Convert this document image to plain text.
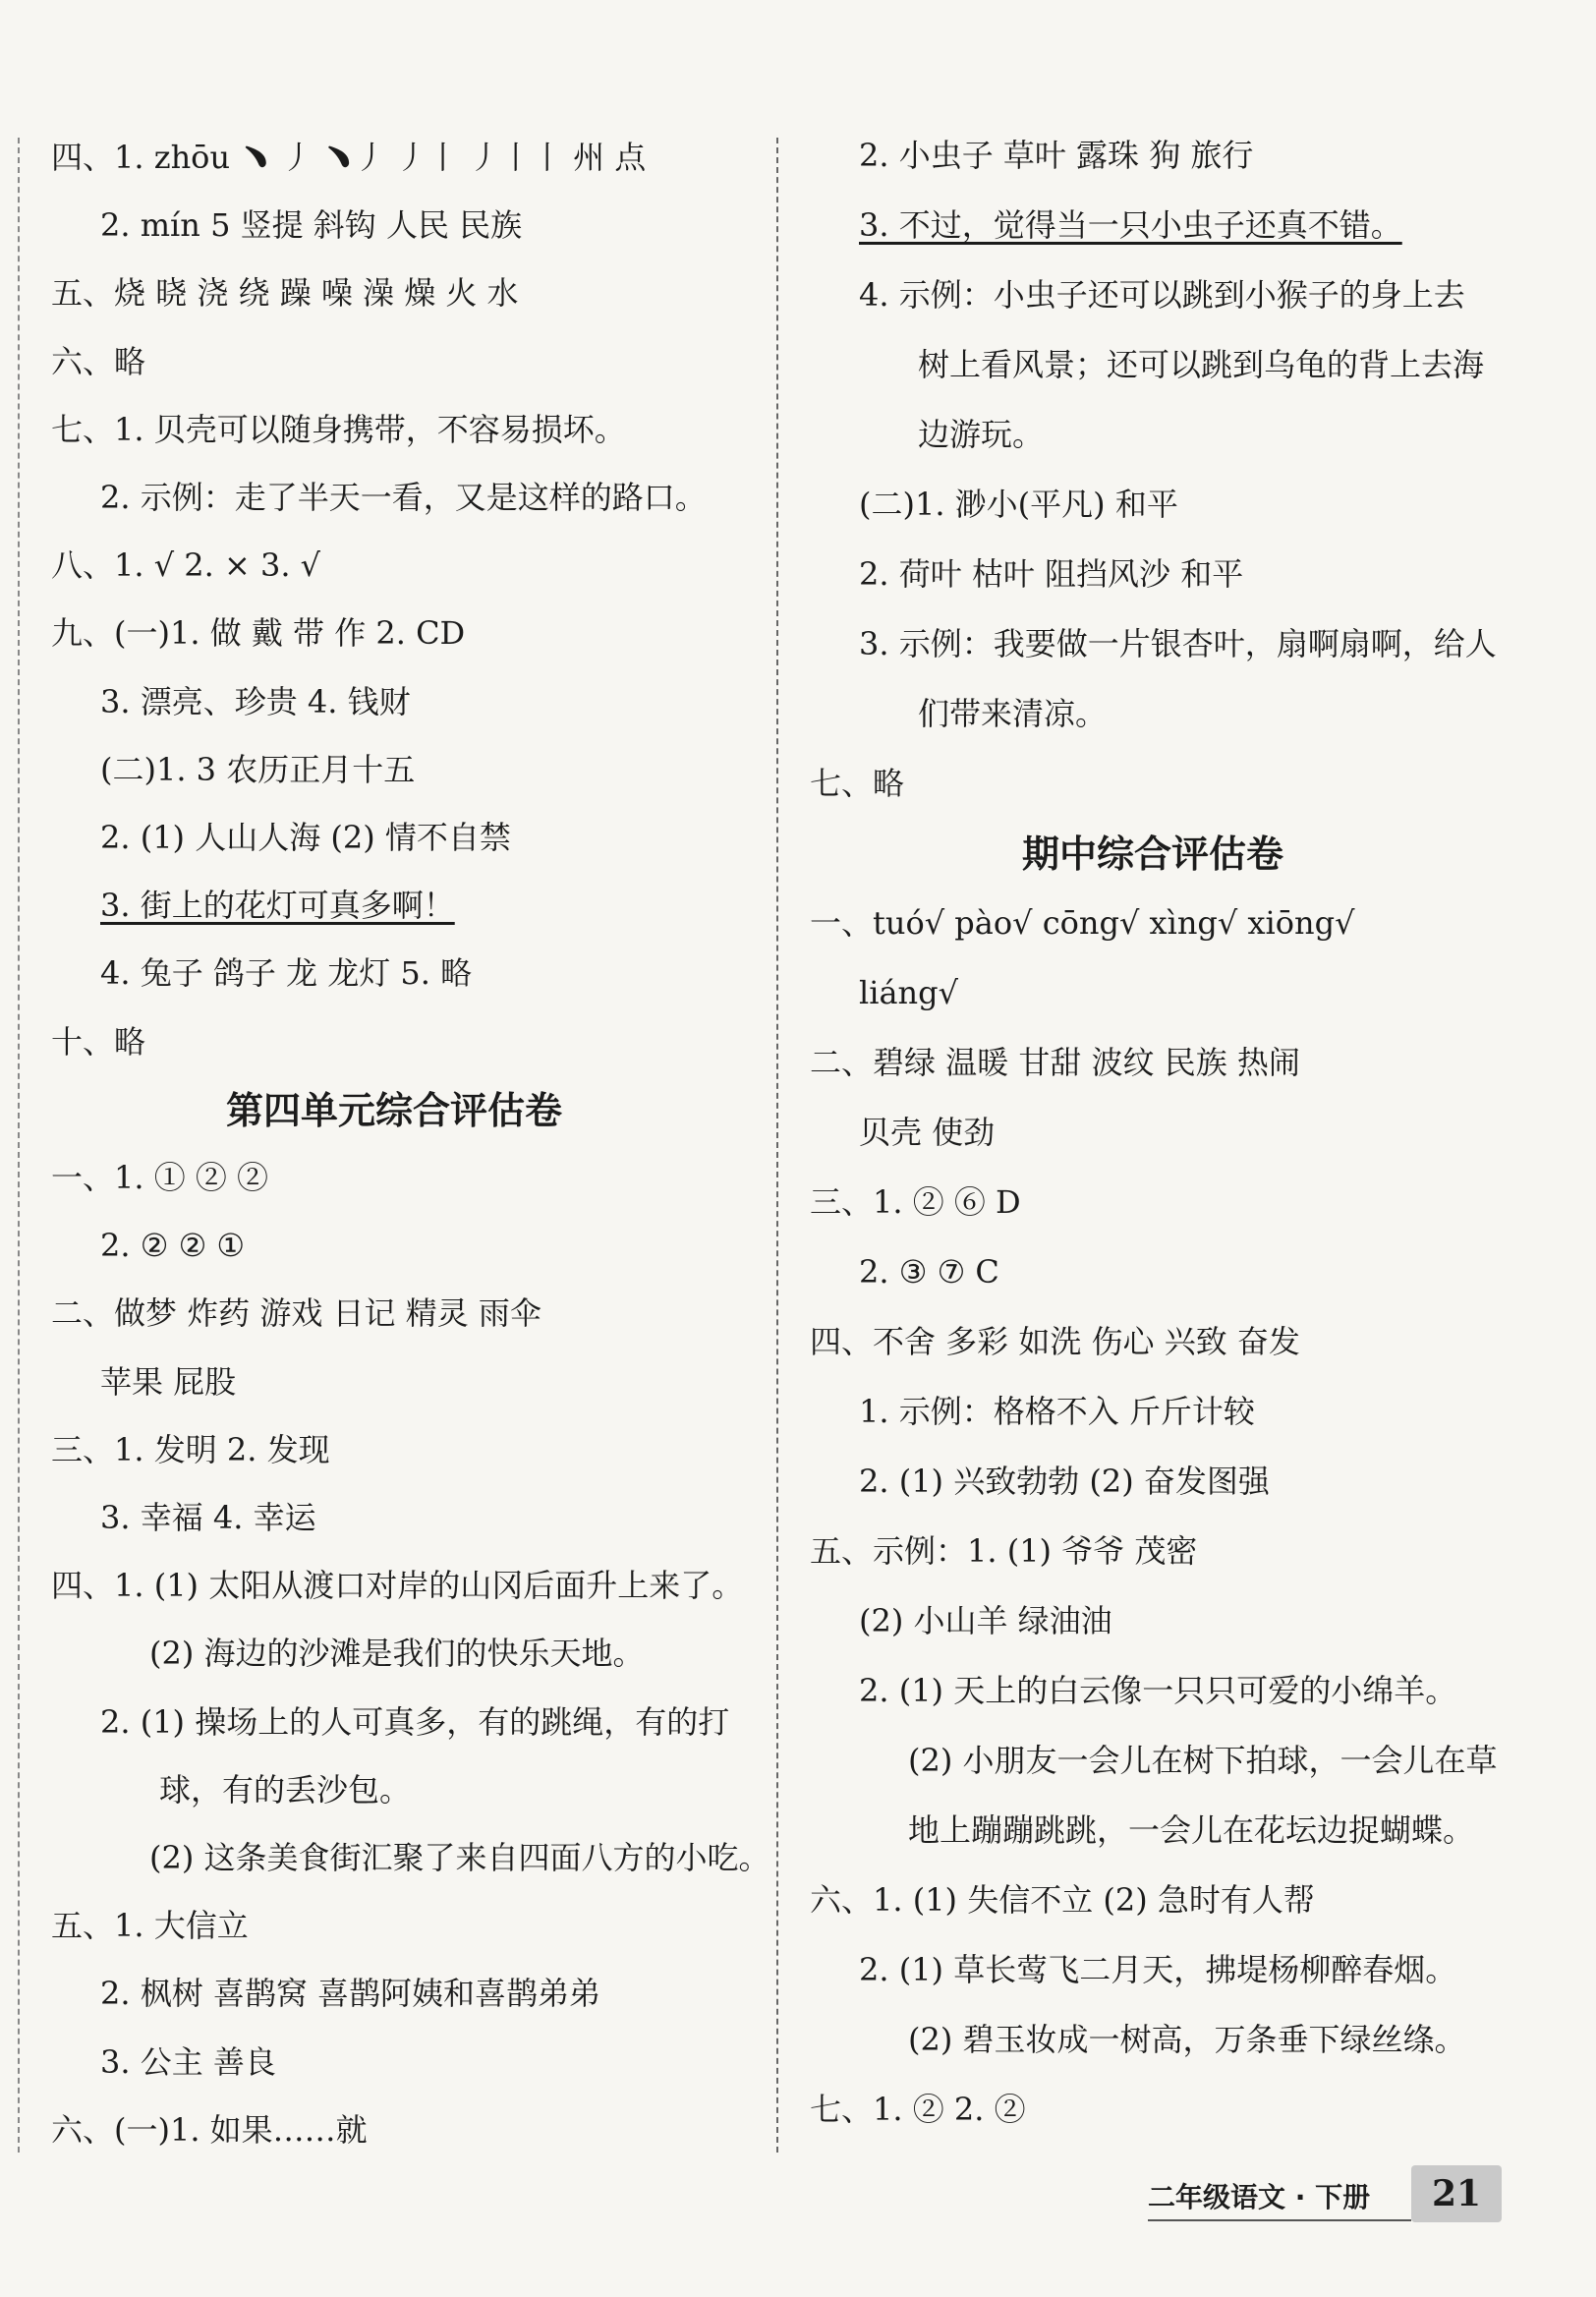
四、1. zhōu ﹅ 丿 ﹅丿 丿丨 丿丨丨 州 点
2. mín 5 竖提 斜钩 人民 民族
五、烧 晓 浇 绕 躁 噪 澡 燥 火 水
六、略
七、1. 贝壳可以随身携带，不容易损坏。
2. 示例：走了半天一看，又是这样的路口。
八、1. √ 2. × 3. √
九、(一)1. 做 戴 带 作 2. CD
3. 漂亮、珍贵 4. 钱财
(二)1. 3 农历正月十五
2. (1) 人山人海 (2) 情不自禁
3. 街上的花灯可真多啊！
4. 兔子 鸽子 龙 龙灯 5. 略
十、略
第四单元综合评估卷
一、1. ① ② ②
2. ② ② ①
二、做梦 炸药 游戏 日记 精灵 雨伞
苹果 屁股
三、1. 发明 2. 发现
3. 幸福 4. 幸运
四、1. (1) 太阳从渡口对岸的山冈后面升上来了。
(2) 海边的沙滩是我们的快乐天地。
2. (1) 操场上的人可真多，有的跳绳，有的打
球，有的丢沙包。
(2) 这条美食街汇聚了来自四面八方的小吃。
五、1. 大信立
2. 枫树 喜鹊窝 喜鹊阿姨和喜鹊弟弟
3. 公主 善良
六、(一)1. 如果……就
2. 小虫子 草叶 露珠 狗 旅行
3. 不过，觉得当一只小虫子还真不错。
4. 示例：小虫子还可以跳到小猴子的身上去
树上看风景；还可以跳到乌龟的背上去海
边游玩。
(二)1. 渺小(平凡) 和平
2. 荷叶 枯叶 阻挡风沙 和平
3. 示例：我要做一片银杏叶，扇啊扇啊，给人
们带来清凉。
七、略
期中综合评估卷
一、tuó√ pào√ cōng√ xìng√ xiōng√
liáng√
二、碧绿 温暖 甘甜 波纹 民族 热闹
贝壳 使劲
三、1. ② ⑥ D
2. ③ ⑦ C
四、不舍 多彩 如洗 伤心 兴致 奋发
1. 示例：格格不入 斤斤计较
2. (1) 兴致勃勃 (2) 奋发图强
五、示例：1. (1) 爷爷 茂密
(2) 小山羊 绿油油
2. (1) 天上的白云像一只只可爱的小绵羊。
(2) 小朋友一会儿在树下拍球，一会儿在草
地上蹦蹦跳跳，一会儿在花坛边捉蝴蝶。
六、1. (1) 失信不立 (2) 急时有人帮
2. (1) 草长莺飞二月天，拂堤杨柳醉春烟。
(2) 碧玉妆成一树高，万条垂下绿丝绦。
七、1. ② 2. ②
二年级语文 · 下册	21
